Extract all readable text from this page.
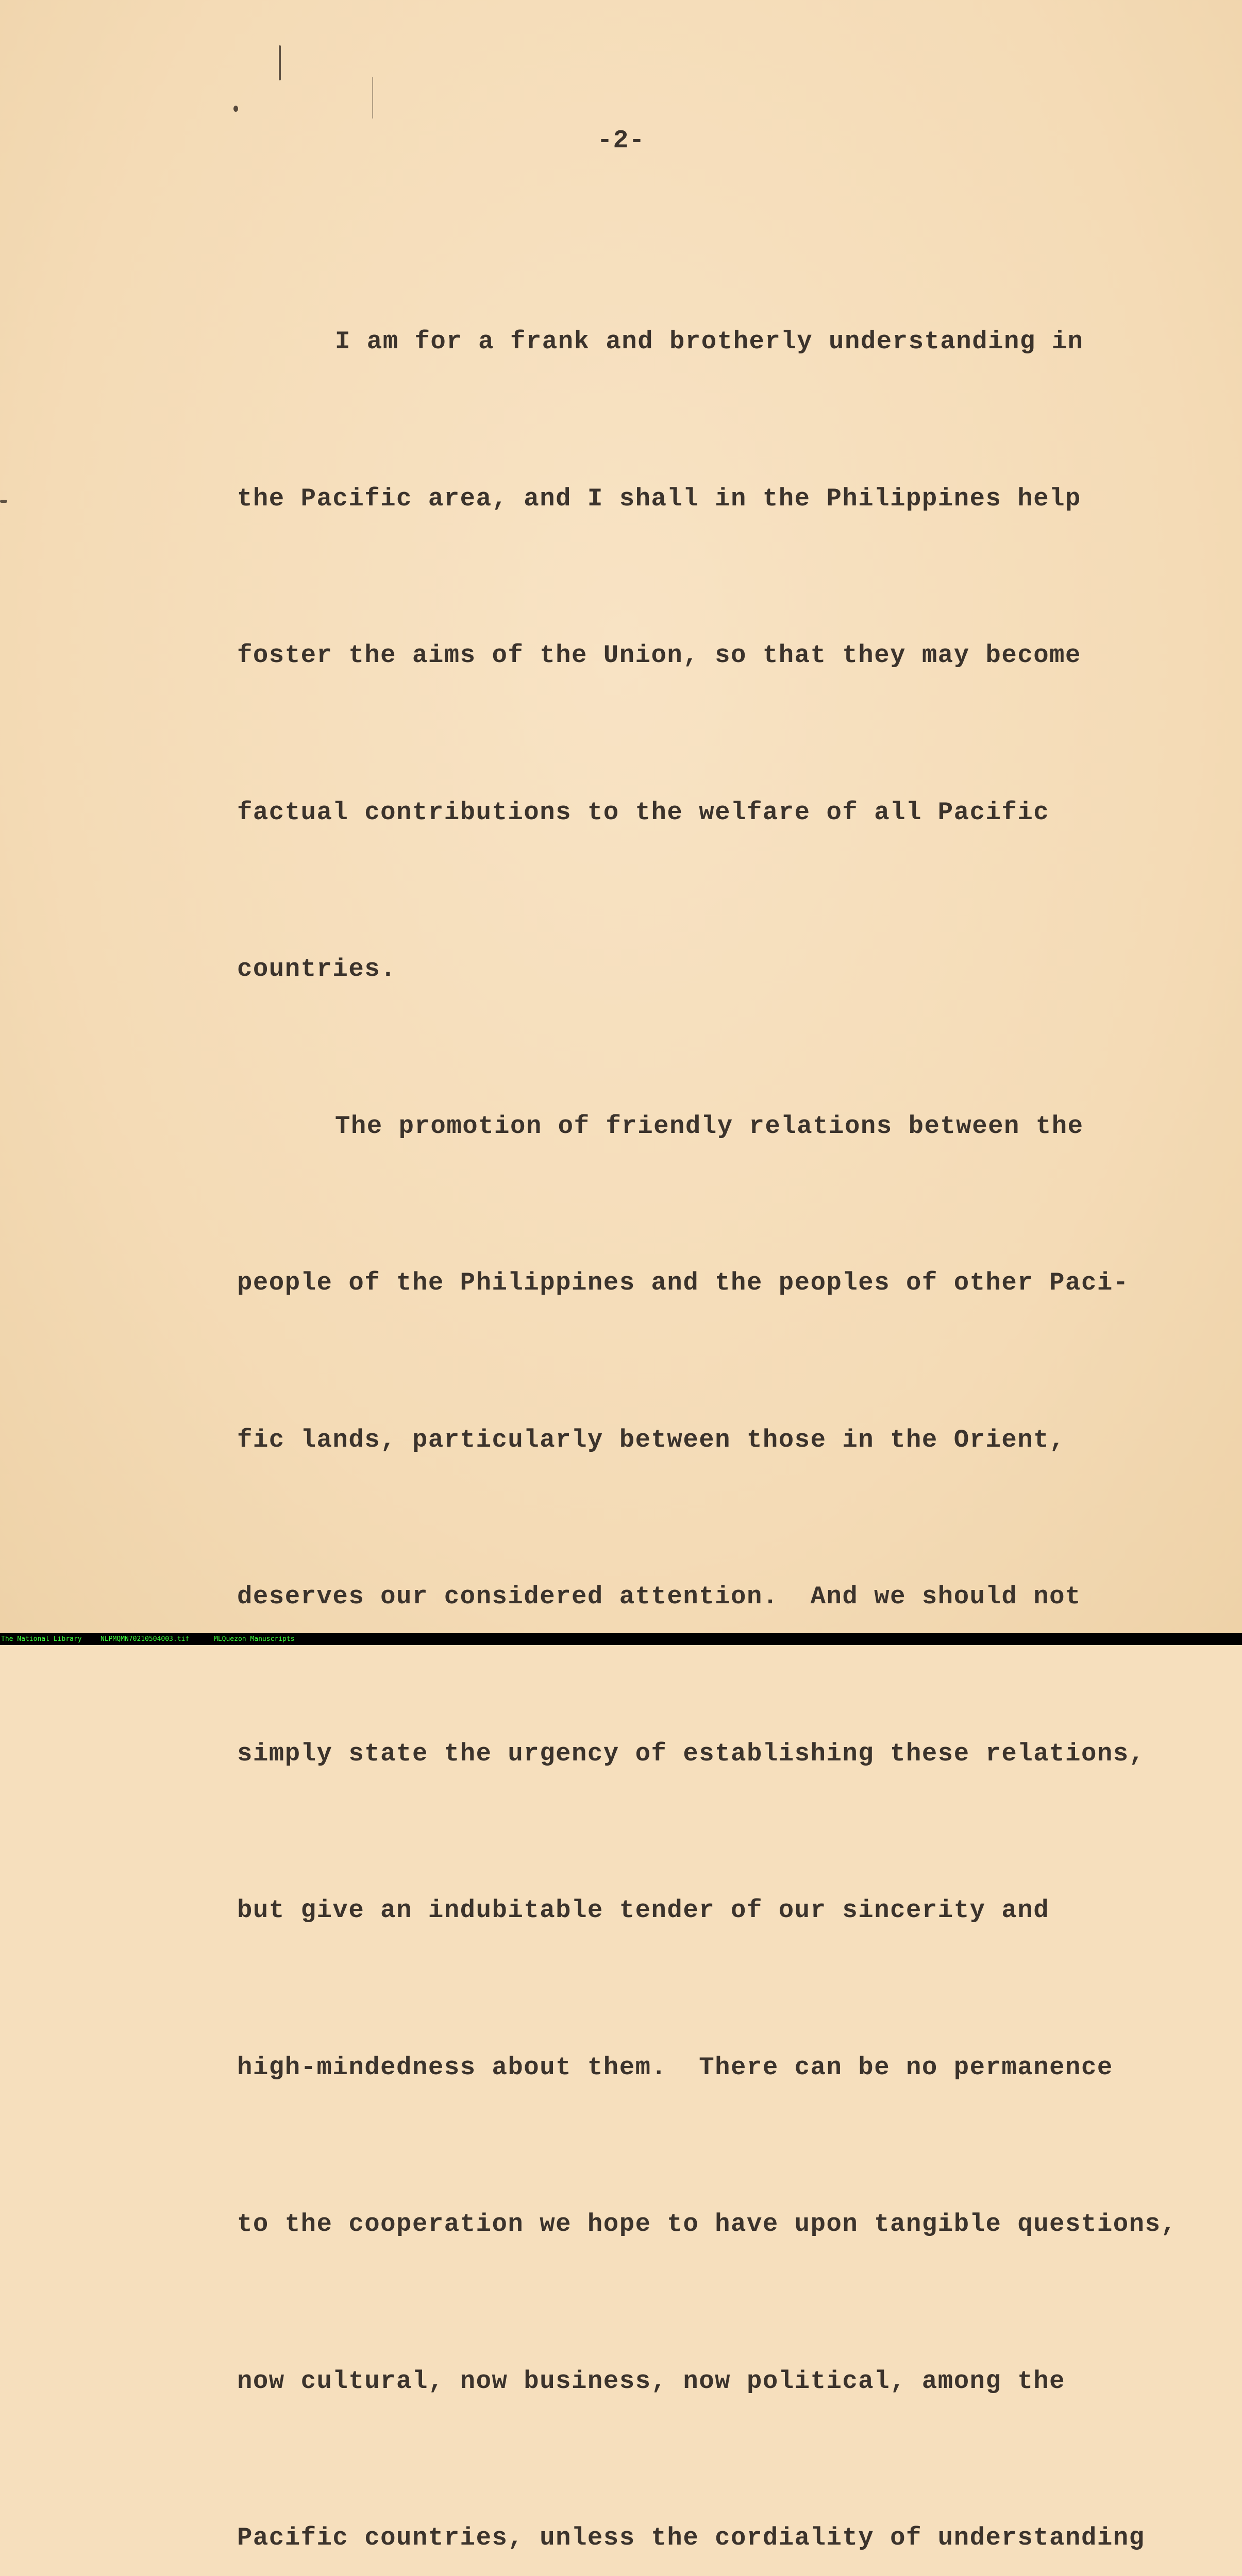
-2-

I am for a frank and brotherly understanding in

the Pacific area, and I shall in the Philippines help

foster the aims of the Union, so that they may become

factual contributions to the welfare of all Pacific

countries.

The promotion of friendly relations between the

people of the Philippines and the peoples of other Paci-

fic lands, particularly between those in the Orient,

deserves our considered attention.  And we should not

simply state the urgency of establishing these relations,

but give an indubitable tender of our sincerity and

high-mindedness about them.  There can be no permanence

to the cooperation we hope to have upon tangible questions,

now cultural, now business, now political, among the

Pacific countries, unless the cordiality of understanding

The National Library

	NLPMQMN70210504003.tif

	MLQuezon Manuscripts
